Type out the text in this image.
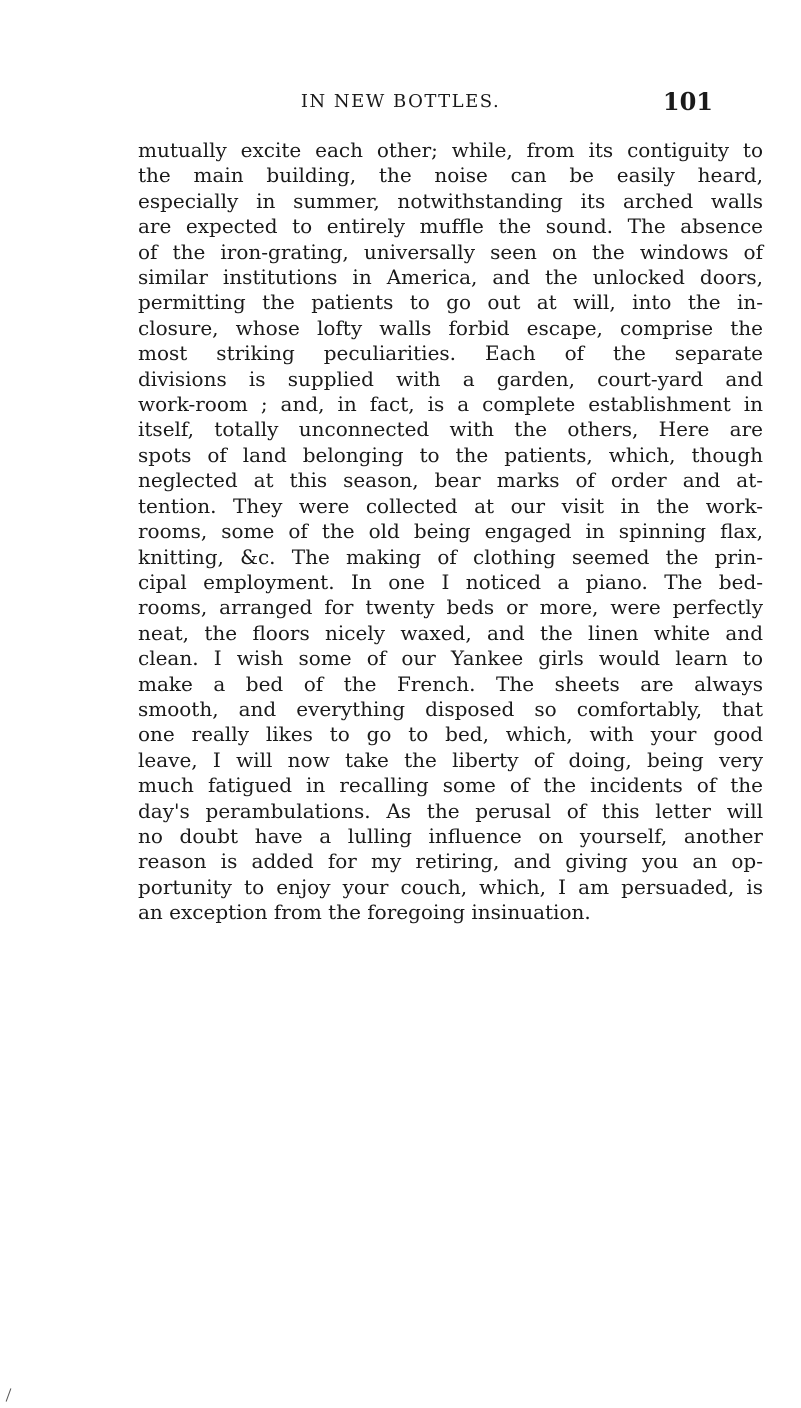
IN NEW BOTTLES.	101
mutually excite each other; while, from its contiguity to
the main building, the noise can be easily heard,
especially in summer, notwithstanding its arched walls
are expected to entirely muffle the sound. The absence
of the iron-grating, universally seen on the windows of
similar institutions in America, and the unlocked doors,
permitting the patients to go out at will, into the in-
closure, whose lofty walls forbid escape, comprise the
most striking peculiarities. Each of the separate
divisions is supplied with a garden, court-yard and
work-room ; and, in fact, is a complete establishment in
itself, totally unconnected with the others, Here are
spots of land belonging to the patients, which, though
neglected at this season, bear marks of order and at-
tention. They were collected at our visit in the work-
rooms, some of the old being engaged in spinning flax,
knitting, &c. The making of clothing seemed the prin-
cipal employment. In one I noticed a piano. The bed-
rooms, arranged for twenty beds or more, were perfectly
neat, the floors nicely waxed, and the linen white and
clean. I wish some of our Yankee girls would learn to
make a bed of the French. The sheets are always
smooth, and everything disposed so comfortably, that
one really likes to go to bed, which, with your good
leave, I will now take the liberty of doing, being very
much fatigued in recalling some of the incidents of the
day's perambulations. As the perusal of this letter will
no doubt have a lulling influence on yourself, another
reason is added for my retiring, and giving you an op-
portunity to enjoy your couch, which, I am persuaded, is
an exception from the foregoing insinuation.
